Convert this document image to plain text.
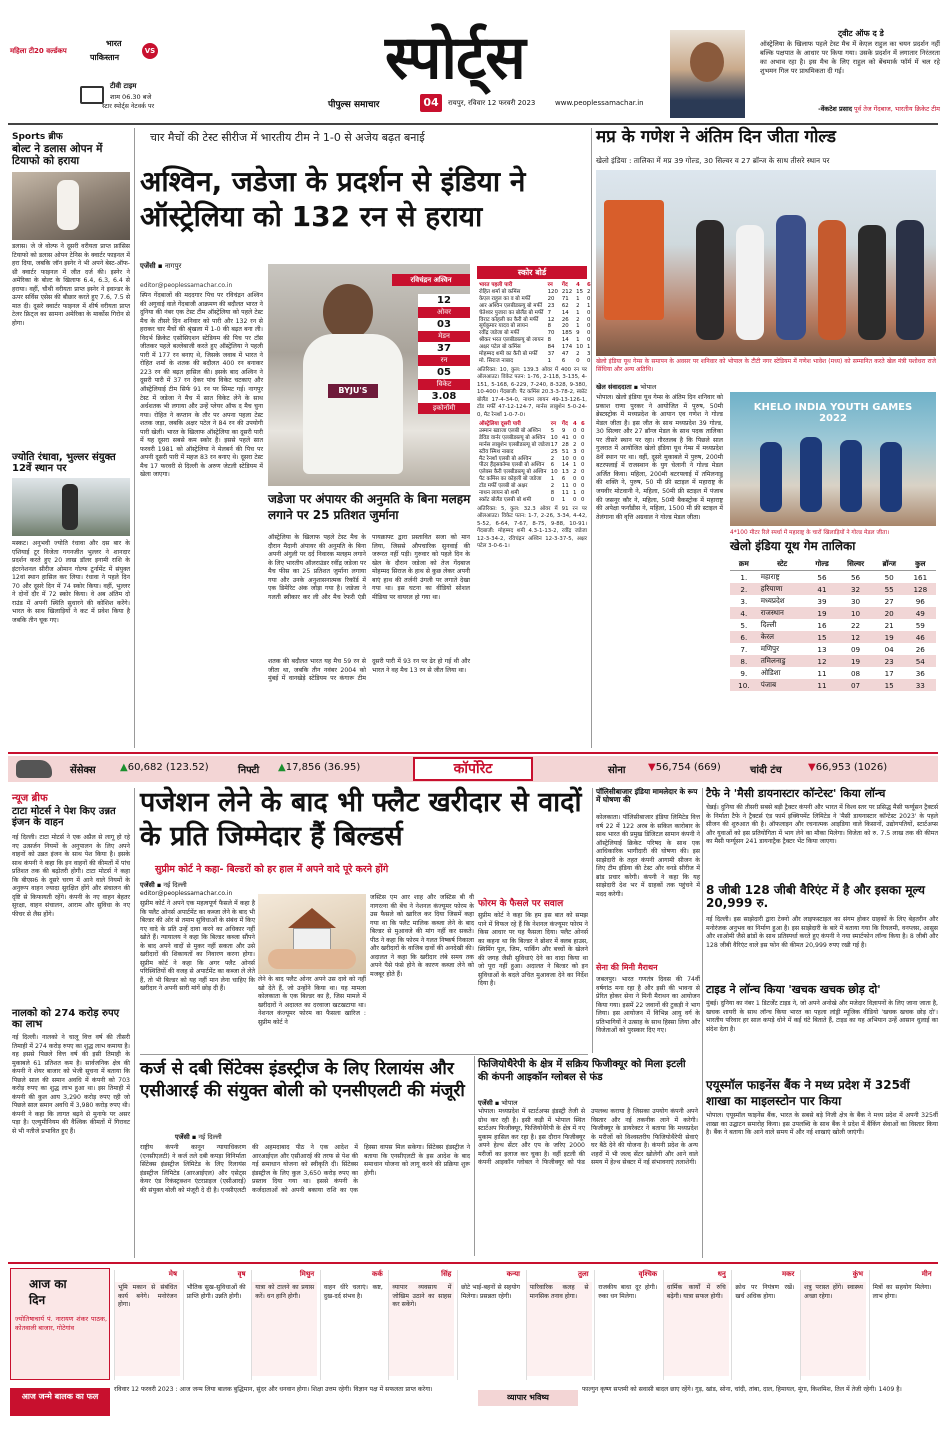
महिला टी20 वर्ल्डकप
भारत
पाकिस्तान
VS
टीवी टाइम
शाम 06.30 बजे
स्टार स्पोर्ट्स नेटवर्क पर
स्पोर्ट्स
पीपुल्स समाचार	04	रायपुर, रविवार 12 फरवरी 2023	www.peoplessamachar.in
ट्वीट ऑफ द डे
ऑस्ट्रेलिया के खिलाफ पहले टेस्ट मैच में केएल राहुल का चयन प्रदर्शन नहीं बल्कि पक्षपात के आधार पर किया गया। उसके प्रदर्शन में लगातार निरंतरता का अभाव रहा है। इस मैच के लिए राहुल को बेंचमार्क फॉर्म में चल रहे शुभमन गिल पर प्राथमिकता दी गई।
-वेंकटेश प्रसाद पूर्व तेज गेंदबाज, भारतीय क्रिकेट टीम
Sports ब्रीफ
बोल्ट ने डलास ओपन में टियाफो को हराया
डलास। जे जे वोल्फ ने दूसरी वरीयता प्राप्त फ्रांसिस टियाफो को डलास ओपन टेनिस के क्वार्टर फाइनल में हरा दिया, जबकि जॉन इस्नेर ने भी अपने बेस्ट-ऑफ-थ्री क्वार्टर फाइनल में जीत दर्ज की। इस्नेर ने अमेरिका के बोल्ट के खिलाफ 6.4, 6.3, 6.4 से हराया। वहीं, चौथी वरीयता प्राप्त इस्नेर ने इवान्डर के ऊपर सर्विस एसेस की बौछार करते हुए 7.6, 7.5 से मात दी। दूसरे क्वार्टर फाइनल में शीर्ष वरीयता प्राप्त टेलर फ्रिट्ज का सामना अमेरिका के मार्कोस गिरोन से होगा।
ज्योति रंधावा, भुल्लर संयुक्त 12वें स्थान पर
मस्कट। अनुभवी ज्योति रंधावा और दस बार के एशियाई टूर विजेता गगनजीत भुल्लर ने शानदार प्रदर्शन करते हुए 20 लाख डॉलर इनामी राशि के इंटरनेशनल सीरीज ओमान गोल्फ टूर्नामेंट में संयुक्त 12वां स्थान हासिल कर लिया। रंधावा ने पहले दिन 70 और दूसरे दिन में 74 स्कोर किया। वहीं, भुल्लर ने दोनों दौर में 72 स्कोर किया। वे अब अंतिम दो राउंड में अपनी स्थिति सुधारने की कोशिश करेंगे। भारत के साथ खिलाड़ियों ने कट में प्रवेश किया है जबकि तीन चूक गए।
चार मैचों की टेस्ट सीरीज में भारतीय टीम ने 1-0 से अजेय बढ़त बनाई
अश्विन, जडेजा के प्रदर्शन से इंडिया ने ऑस्ट्रेलिया को 132 रन से हराया
एजेंसी ▪ नागपुर
editor@peoplessamachar.co.in
स्पिन गेंदबाजों की मददगार पिच पर रविचंद्रन अश्विन की अगुवाई वाले गेंदबाजी आक्रमण की बदौलत भारत ने दुनिया की नंबर एक टेस्ट टीम ऑस्ट्रेलिया को पहले टेस्ट मैच के तीसरे दिन शनिवार को पारी और 132 रन से हराकर चार मैचों की श्रृंखला में 1-0 की बढ़त बना ली। विदर्भ क्रिकेट एसोसिएशन स्टेडियम की पिच पर टॉस जीतकर पहले बल्लेबाजी करते हुए ऑस्ट्रेलिया ने पहली पारी में 177 रन बनाए थे, जिसके जवाब में भारत ने रोहित शर्मा के शतक की बदौलत 400 रन बनाकर 223 रन की बढ़त हासिल की। इसके बाद अश्विन ने दूसरी पारी में 37 रन देकर पांच विकेट चटकाए और ऑस्ट्रेलियाई टीम सिर्फ 91 रन पर सिमट गई। नागपुर टेस्ट में जडेजा ने मैच में सात विकेट लेने के साथ अर्धशतक भी लगाया और उन्हें प्लेयर ऑफ द मैच चुना गया। रोहित ने कप्तान के तौर पर अपना पहला टेस्ट शतक जड़ा, जबकि अक्षर पटेल ने 84 रन की उपयोगी पारी खेली। भारत के खिलाफ ऑस्ट्रेलिया का दूसरी पारी में यह दूसरा सबसे कम स्कोर है। इससे पहले सात फरवरी 1981 को ऑस्ट्रेलिया ने मेलबर्न की पिच पर अपनी दूसरी पारी में महज 83 रन बनाए थे। दूसरा टेस्ट मैच 17 फरवरी से दिल्ली के अरुण जेटली स्टेडियम में खेला जाएगा।
BYJU'S
रविचंद्रन अश्विन
12
ओवर
03
मेडन
37
रन
05
विकेट
3.08
इकोनॉमी
जडेजा पर अंपायर की अनुमति के बिना मलहम लगाने पर 25 प्रतिशत जुर्माना
ऑस्ट्रेलिया के खिलाफ पहले टेस्ट मैच के दौरान मैदानी अंपायर की अनुमति के बिना अपनी अंगुली पर दर्द निवारक मलहम लगाने के लिए भारतीय ऑलराउंडर रवींद्र जडेजा पर मैच फीस का 25 प्रतिशत जुर्माना लगाया गया और उनके अनुशासनात्मक रिकॉर्ड में एक डिमेरिट अंक जोड़ा गया है। जडेजा ने गलती स्वीकार कर ली और मैच रेफरी एंडी पायक्राफ्ट द्वारा प्रस्तावित सजा को मान लिया, जिससे औपचारिक सुनवाई की जरूरत नहीं पड़ी। गुरुवार को पहले दिन के खेल के दौरान जडेजा को तेज गेंदबाज मोहम्मद सिराज के हाथ से कुछ लेकर अपनी बाएं हाथ की तर्जनी उंगली पर लगाते देखा गया था। इस घटना का वीडियो सोशल मीडिया पर वायरल हो गया था।
शतक की बदौलत भारत यह मैच 59 रन से जीता था, जबकि तीन नवंबर 2004 को मुंबई में वानखेड़े स्टेडियम पर कंगारू टीम दूसरी पारी में 93 रन पर ढेर हो गई थी और भारत ने वह मैच 13 रन से जीत लिया था।
स्कोर बोर्ड
भारत पहली पारी	रन	गेंद	4	6
रोहित शर्मा बो कमिंस	120	212	15	2
केएल राहुल का व बो मर्फी	20	71	1	0
आर अश्विन एलबीडब्ल्यू बो मर्फी	23	62	2	1
चेतेश्वर पुजारा का बोलैंड बो मर्फी	7	14	1	0
विराट कोहली का कैरी बो मर्फी	12	26	2	0
सूर्यकुमार यादव बो लायन	8	20	1	0
रवींद्र जडेजा बो मर्फी	70	185	9	0
श्रीकर भरत एलबीडब्ल्यू बो लायन	8	14	1	0
अक्षर पटेल बो कमिंस	84	174	10	1
मोहम्मद शमी का कैरी बो मर्फी	37	47	2	3
मो. सिराज नाबाद	1	6	0	0
अतिरिक्त: 10, कुल: 139.3 ओवर में 400 रन पर ऑलआउट। विकेट पतन: 1-76, 2-118, 3-135, 4-151, 5-168, 6-229, 7-240, 8-328, 9-380, 10-400। गेंदबाजी: पैट कमिंस 20.3-3-78-2, स्कॉट बोलैंड 17-4-34-0, नाथन लायन 49-13-126-1, टॉड मर्फी 47-12-124-7, मार्नस लाबुशेन 5-0-24-0, मैट रेनशॉ 1-0-7-0।
ऑस्ट्रेलिया दूसरी पारी	रन	गेंद	4	6
उस्मान ख्वाजा एलबी बो अश्विन	5	9	0	0
डेविड वार्नर एलबीडब्ल्यू बो अश्विन	10	41	0	0
मार्नस लाबुशेन एलबीडब्ल्यू बो जडेजा	17	28	2	0
स्टीव स्मिथ नाबाद	25	51	3	0
मैट रेनशॉ एलबी बो अश्विन	2	10	0	0
पीटर हैंड्सकॉम्ब एलबी बो अश्विन	6	14	1	0
एलेक्स कैरी एलबीडब्ल्यू बो अश्विन	10	13	2	0
पैट कमिंस का कोहली बो जडेजा	1	6	0	0
टॉड मर्फी एलबी बो अक्षर	2	11	0	0
नाथन लायन बो शमी	8	11	1	0
स्कॉट बोलैंड एलबी बो शमी	0	1	0	0
अतिरिक्त: 5, कुल: 32.3 ओवर में 91 रन पर ऑलआउट। विकेट पतन: 1-7, 2-26, 3-34, 4-42, 5-52, 6-64, 7-67, 8-75, 9-88, 10-91। गेंदबाजी: मोहम्मद शमी 4.3-1-13-2, रवींद्र जडेजा 12-3-34-2, रविचंद्रन अश्विन 12-3-37-5, अक्षर पटेल 3-0-6-1।
मप्र के गणेश ने अंतिम दिन जीता गोल्ड
खेलो इंडिया : तालिका में मप्र 39 गोल्ड, 30 सिल्वर व 27 ब्रॉन्ज के साथ तीसरे स्थान पर
खेलो इंडिया यूथ गेम्स के समापन के अवसर पर शनिवार को भोपाल के टीटी नगर स्टेडियम में गणेश भावेश (मध्य) को सम्मानित करते खेल मंत्री यशोधरा राजे सिंधिया और अन्य अतिथि।
खेल संवाददाता ▪ भोपाल
भोपाल। खेलो इंडिया यूथ गेम्स के अंतिम दिन शनिवार को प्रकाश राणा पुरकर ने आयोजित में पुरुष, 50मी ब्रेस्टस्ट्रोक में मध्यप्रदेश के आयान एव गणेश ने गोल्ड मेडल जीता है। इस जीत के साथ मध्यप्रदेश 39 गोल्ड, 30 सिल्वर और 27 ब्रॉन्ज मेडल के साथ पदक तालिका पर तीसरे स्थान पर रहा। गौरतलब है कि पिछले साल गुजरात में आयोजित खेलो इंडिया यूथ गेम्स में मध्यप्रदेश 8वें स्थान पर था। वहीं, दूसरे मुकाबले में पुरुष, 200मी बटरफ्लाई में राजस्थान के युग चेलानी ने गोल्ड मेडल अर्जित किया। महिला, 200मी बटरफ्लाई में तमिलनाडु की शक्ति ने, पुरुष, 50 मी फ्री स्टाइल में महाराष्ट्र के जयवीर मोटवानी ने, महिला, 50मी फ्री स्टाइल में पंजाब की जसनूर कौर ने, महिला, 50मी बैकस्ट्रोक में महाराष्ट्र की अपेक्षा फर्नांडीस ने, महिला, 1500 मी फ्री स्टाइल में तेलंगाना की वृत्ति अग्रवाल ने गोल्ड मेडल जीता।
KHELO INDIA YOUTH GAMES 2022
4*100 मीटर रिले स्पर्धा में महाराष्ट्र के चारों खिलाड़ियों ने गोल्ड मेडल जीता।
खेलो इंडिया यूथ गेम तालिका
क्रम	स्टेट	गोल्ड	सिल्वर	ब्रॉन्ज	कुल
1.	महाराष्ट्र	56	56	50	161
2.	हरियाणा	41	32	55	128
3.	मध्यप्रदेश	39	30	27	96
4.	राजस्थान	19	10	20	49
5.	दिल्ली	16	22	21	59
6.	केरल	15	12	19	46
7.	मणिपुर	13	09	04	26
8.	तमिलनाडु	12	19	23	54
9.	ओडिशा	11	08	17	36
10.	पंजाब	11	07	15	33
सेंसेक्स ▲60,682 (123.52)	निफ्टी ▲17,856 (36.95)	कॉर्पोरेट	सोना ▼56,754 (669)	चांदी टंच	▼66,953 (1026)
न्यूज ब्रीफ
टाटा मोटर्स ने पेश किए उन्नत इंजन के वाहन
नई दिल्ली। टाटा मोटर्स ने एक अप्रैल से लागू हो रहे नए उत्सर्जन नियमों के अनुपालन के लिए अपने वाहनों को उन्नत इंजन के साथ पेश किया है। इसके साथ कंपनी ने कहा कि इन वाहनों की कीमतों में पांच प्रतिशत तक की बढ़ोतरी होगी। टाटा मोटर्स ने कहा कि बीएस6 के दूसरे चरण में आने वाले नियमों के अनुरूप वाहन ज्यादा सुरक्षित होंगे और संचालन की दृष्टि से किफायती रहेंगे। कंपनी के नए वाहन बेहतर सुरक्षा, वाहन संचालन, आराम और सुविधा के नए फीचर से लैस होंगे।
नालको को 274 करोड़ रुपए का लाभ
नई दिल्ली। नालको ने चालू वित्त वर्ष की तीसरी तिमाही में 274 करोड़ रुपए का शुद्ध लाभ कमाया है। वह इससे पिछले वित्त वर्ष की इसी तिमाही के मुकाबले 61 प्रतिशत कम है। सार्वजनिक क्षेत्र की कंपनी ने शेयर बाजार को भेजी सूचना में बताया कि पिछले साल की समान अवधि में कंपनी को 703 करोड़ रुपए का शुद्ध लाभ हुआ था। इस तिमाही में कंपनी की कुल आय 3,290 करोड़ रुपए रही जो पिछले साल समान अवधि में 3,980 करोड़ रुपए थी। कंपनी ने कहा कि लागत बढ़ने से मुनाफे पर असर पड़ा है। एल्युमीनियम की वैश्विक कीमतों में गिरावट से भी नतीजे प्रभावित हुए हैं।
पजेशन लेने के बाद भी फ्लैट खरीदार से वादों के प्रति जिम्मेदार हैं बिल्डर्स
सुप्रीम कोर्ट ने कहा- बिल्डरों को हर हाल में अपने वादे पूरे करने होंगे
एजेंसी ▪ नई दिल्ली
editor@peoplessamachar.co.in
सुप्रीम कोर्ट ने अपने एक महत्वपूर्ण फैसले में कहा है कि फ्लैट ओनर्स अपार्टमेंट का कब्जा लेने के बाद भी बिल्डर की ओर से तमाम सुविधाओं के संबंध में किए गए वादे के प्रति उन्हें दावा करने का अधिकार नहीं खोते हैं। न्यायालय ने कहा कि बिल्डर कब्जा सौंपने के बाद अपने वादों से मुकर नहीं सकता और उसे खरीदारों की शिकायतों का निवारण करना होगा। सुप्रीम कोर्ट ने कहा कि अगर फ्लैट ओनर्स परिस्थितियों की वजह से अपार्टमेंट का कब्जा ले लेते हैं, तो भी बिल्डर को यह नहीं मान लेना चाहिए कि खरीदार ने अपनी सारी मांगें छोड़ दी हैं।
लेने के बाद फ्लैट ओनर अपने उस दावे को नहीं खो देते हैं, जो उन्होंने किया था। यह मामला कोलकाता के एक बिल्डर का है, जिस मामले में खरीदारों ने अदालत का दरवाजा खटखटाया था। नेशनल कंज्यूमर फोरम का फैसला खारिज : सुप्रीम कोर्ट ने
फोरम के फैसले पर सवाल
जस्टिस एम आर शाह और जस्टिस बी वी नागरत्ना की बेंच ने नेशनल कंज्यूमर फोरम के उस फैसले को खारिज कर दिया जिसमें कहा गया था कि फ्लैट मालिक कब्जा लेने के बाद बिल्डर से मुआवजे की मांग नहीं कर सकते। पीठ ने कहा कि फोरम ने गलत निष्कर्ष निकाला और खरीदारों के वाजिब दावों की अनदेखी की। अदालत ने कहा कि खरीदार लंबे समय तक अपने पैसे फंसे होने के कारण कब्जा लेने को मजबूर होते हैं।
सुप्रीम कोर्ट ने कहा कि हम इस बात को समझ पाने में विफल रहे हैं कि नेशनल कंज्यूमर फोरम ने किस आधार पर यह फैसला दिया। फ्लैट ओनर्स का कहना था कि बिल्डर ने ब्रोशर में क्लब हाउस, स्विमिंग पूल, जिम, पार्किंग और बच्चों के खेलने की जगह जैसी सुविधाएं देने का वादा किया था जो पूरा नहीं हुआ। अदालत ने बिल्डर को इन सुविधाओं के बदले उचित मुआवजा देने का निर्देश दिया है।
कर्ज से दबी सिंटेक्स इंडस्ट्रीज के लिए रिलायंस और एसीआरई की संयुक्त बोली को एनसीएलटी की मंजूरी
एजेंसी ▪ नई दिल्ली
राष्ट्रीय कंपनी कानून न्यायाधिकरण (एनसीएलटी) ने कर्ज तले दबी कपड़ा विनिर्माता सिंटेक्स इंडस्ट्रीज लिमिटेड के लिए रिलायंस इंडस्ट्रीज लिमिटेड (आरआईएल) और एसेट्स केयर एंड रिकंस्ट्रक्शन एंटरप्राइज (एसीआरई) की संयुक्त बोली को मंजूरी दे दी है। एनसीएलटी की अहमदाबाद पीठ ने एक आदेश में आरआईएल और एसीआरई की तरफ से पेश की गई समाधान योजना को स्वीकृति दी। सिंटेक्स इंडस्ट्रीज के लिए कुल 3,650 करोड़ रुपए का प्रस्ताव दिया गया था। इससे कंपनी के कर्जदाताओं को अपनी बकाया राशि का एक हिस्सा वापस मिल सकेगा। सिंटेक्स इंडस्ट्रीज ने बताया कि एनसीएलटी के इस आदेश के बाद समाधान योजना को लागू करने की प्रक्रिया शुरू होगी।
फिजियोथैरेपी के क्षेत्र में सक्रिय फिजीक्यूर को मिला इटली की कंपनी आइकॉन ग्लोबल से फंड
एजेंसी ▪ भोपाल
भोपाल। मध्यप्रदेश में स्टार्टअप्स इंडस्ट्री तेजी से ग्रोथ कर रही है। इसी कड़ी में भोपाल स्थित स्टार्टअप फिजीक्यूर, फिजियोथैरेपी के क्षेत्र में नए मुकाम हासिल कर रहा है। इस दौरान फिजीक्यूर अपने हेल्थ सेंटर और एप के जरिए 2000 मरीजों का इलाज कर चुका है। वहीं इटली की कंपनी आइकॉन ग्लोबल ने फिजीक्यूर को फंड उपलब्ध कराया है जिसका उपयोग कंपनी अपने विस्तार और नई तकनीक लाने में करेगी। फिजीक्यूर के डायरेक्टर ने बताया कि मध्यप्रदेश के मरीजों को विश्वस्तरीय फिजियोथैरेपी सेवाएं घर बैठे देने की योजना है। कंपनी प्रदेश के अन्य शहरों में भी जल्द सेंटर खोलेगी और आने वाले समय में हेल्थ सेक्टर में नई संभावनाएं तलाशेगी।
पॉलिसीबाजार इंडिया मामलेदार के रूप में घोषणा की
कोलकाता। पॉलिसीबाजार इंडिया लिमिटेड वित्त वर्ष 22 में 122 अरब के सकिल कारोबार के साथ भारत की प्रमुख डिजिटल सामान कंपनी ने ऑस्ट्रेलियाई क्रिकेट परिषद के साथ एक आधिकारिक भागीदारी की घोषणा की। इस साझेदारी के तहत कंपनी आगामी सीजन के लिए टीम इंडिया की टेस्ट और वनडे सीरीज में ब्रांड प्रचार करेगी। कंपनी ने कहा कि यह साझेदारी देश भर में ग्राहकों तक पहुंचने में मदद करेगी।
सेना की मिनी मैराथन
जबलपुर। भारत गणतंत्र दिवस की 74वीं वर्षगांठ मना रहा है और इसी की भावना से प्रेरित होकर सेना ने मिनी मैराथन का आयोजन किया गया। इसमें 22 जवानों की टुकड़ी ने भाग लिया। इस आयोजन में विभिन्न आयु वर्ग के प्रतिभागियों ने उत्साह के साथ हिस्सा लिया और विजेताओं को पुरस्कार दिए गए।
टैफे ने 'मैसी डायनास्टार कॉन्टेस्ट' किया लॉन्च
चेन्नई। दुनिया की तीसरी सबसे बड़ी ट्रैक्टर कंपनी और भारत में विश्व स्तर पर प्रसिद्ध मैसी फर्ग्यूसन ट्रैक्टर्स के निर्माता टैफे ने ट्रैक्टर्स एंड फार्म इक्विपमेंट लिमिटेड ने 'मैसी डायनास्टार कॉन्टेस्ट 2023' के पहले सीजन की शुरुआत की है। ऑफलाइन और रचनात्मक आइडिया वाले किसानों, उद्योगपतियों, स्टार्टअप्स और युवाओं को इस प्रतियोगिता में भाग लेने का मौका मिलेगा। विजेता को रु. 7.5 लाख तक की कीमत का मैसी फर्ग्यूसन 241 डायनाट्रैक ट्रैक्टर भेंट किया जाएगा।
8 जीबी 128 जीबी वैरिएंट में है और इसका मूल्य 20,999 रु.
नई दिल्ली। इस साझेदारी द्वारा टेक्नो और लाइफस्टाइल का संगम होकर ग्राहकों के लिए बेहतरीन और मनोरंजक अनुभव का निर्माण हुआ है। इस साझेदारी के बारे में बताया गया कि रियलमी, वनप्लस, आसुस और शाओमी जैसे ब्रांडों के साथ प्रतिस्पर्धा करते हुए कंपनी ने नया स्मार्टफोन लॉन्च किया है। 8 जीबी और 128 जीबी वैरिएंट वाले इस फोन की कीमत 20,999 रुपए रखी गई है।
टाइड ने लॉन्च किया 'खचक खचक छोड़ दो'
मुंबई। दुनिया का नंबर 1 डिटर्जेंट टाइड ने, जो अपने अनोखे और मजेदार विज्ञापनों के लिए जाना जाता है, खचक शायरी के साथ लॉन्च किया भारत का पहला लांड्री म्यूजिक वीडियो 'खचक खचक छोड़ दो'। भारतीय परिवार हर साल कपड़े धोने में कई घंटे बिताते हैं, टाइड का यह अभियान उन्हें आसान धुलाई का संदेश देता है।
एयूस्मॉल फाइनेंस बैंक ने मध्य प्रदेश में 325वीं शाखा का माइलस्टोन पार किया
भोपाल। एयूस्मॉल फाइनेंस बैंक, भारत के सबसे बड़े निजी क्षेत्र के बैंक ने मध्य प्रदेश में अपनी 325वीं शाखा का उद्घाटन समारोह किया। इस उपलब्धि के साथ बैंक ने प्रदेश में बैंकिंग सेवाओं का विस्तार किया है। बैंक ने बताया कि आने वाले समय में और नई शाखाएं खोली जाएंगी।
आज का
दिन
ज्योतिषाचार्य पं. नारायण शंकर पाठक, कोतवाली बाजार, गोटेगांव
मेष
भूमि मकान से संबंधित कार्य बनेगे। मनोरंजन होगा।
वृष
भौतिक सुख-सुविधाओं की प्राप्ति होगी। उन्नति होगी।
मिथुन
यात्रा को टालने का प्रयास करें। धन हानि होगी।
कर्क
वाहन धीरे चलाएं। कष्ट, दुख-दर्द संभव है।
सिंह
व्यापार व्यवसाय में जोखिम उठाने का साहस कर सकेंगे।
कन्या
छोटे भाई-बहनों से सहयोग मिलेगा। प्रसन्नता रहेगी।
तुला
पारिवारिक कलह से मानसिक तनाव होगा।
वृश्चिक
राजकीय बाधा दूर होगी। रुका धन मिलेगा।
धनु
धार्मिक कार्यों में रुचि बढ़ेगी। यात्रा सफल होगी।
मकर
क्रोध पर नियंत्रण रखें। खर्च अधिक होगा।
कुंभ
शत्रु परास्त होंगे। स्वास्थ्य अच्छा रहेगा।
मीन
मित्रों का सहयोग मिलेगा। लाभ होगा।
आज जन्मे बालक का फल
रविवार 12 फरवरी 2023 : आज जन्म लिया बालक बुद्धिमान, सुंदर और धनवान होगा। शिक्षा उत्तम रहेगी। विज्ञान पक्ष में सफलता प्राप्त करेगा।
व्यापार भविष्य
फाल्गुन कृष्ण सप्तमी को सवासी बादल छाए रहेंगे। गुड़, खांड, सोना, चांदी, तांबा, दाल, हिमायल, मूंगा, किशमिश, तिल में तेजी रहेगी। 1409 है।
